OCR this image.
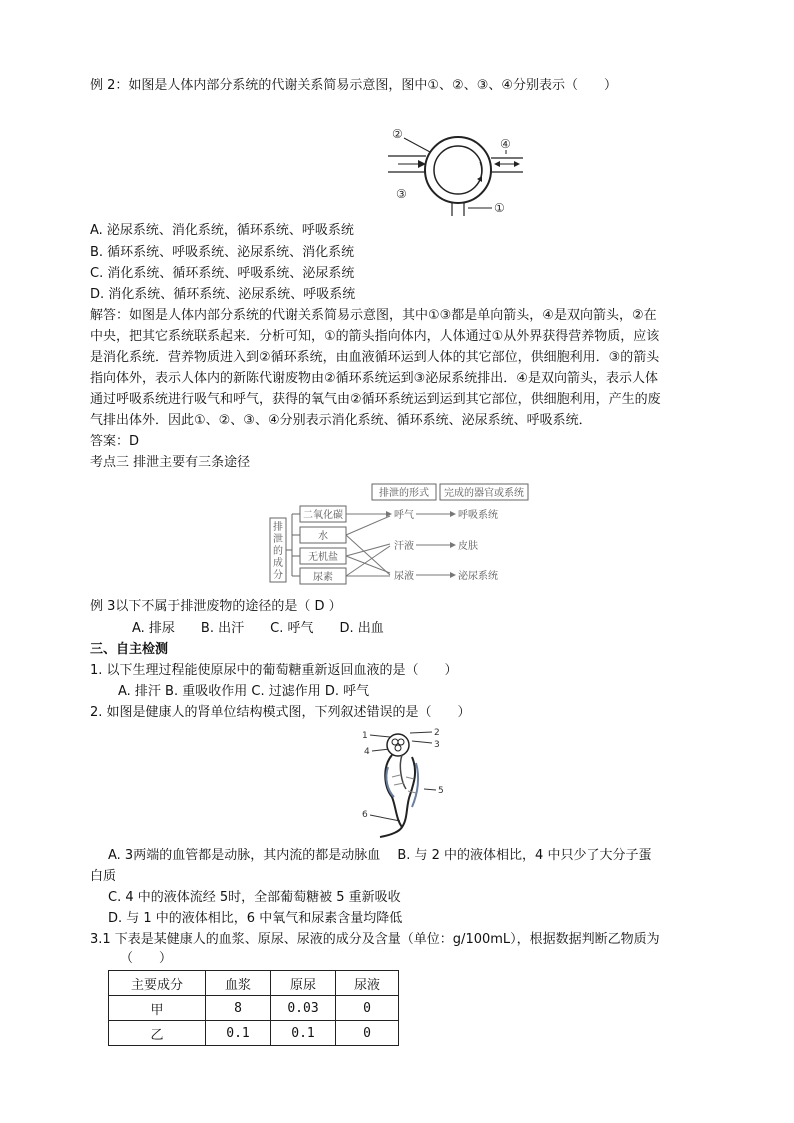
例 2：如图是人体内部分系统的代谢关系简易示意图，图中①、②、③、④分别表示（　　）
②
④
③
①
A. 泌尿系统、消化系统，循环系统、呼吸系统
B. 循环系统、呼吸系统、泌尿系统、消化系统
C. 消化系统、循环系统、呼吸系统、泌尿系统
D. 消化系统、循环系统、泌尿系统、呼吸系统
解答：如图是人体内部分系统的代谢关系简易示意图，其中①③都是单向箭头，④是双向箭头，②在
中央，把其它系统联系起来．分析可知，①的箭头指向体内，人体通过①从外界获得营养物质，应该
是消化系统．营养物质进入到②循环系统，由血液循环运到人体的其它部位，供细胞利用．③的箭头
指向体外，表示人体内的新陈代谢废物由②循环系统运到③泌尿系统排出．④是双向箭头，表示人体
通过呼吸系统进行吸气和呼气，获得的氧气由②循环系统运到运到其它部位，供细胞利用，产生的废
气排出体外．因此①、②、③、④分别表示消化系统、循环系统、泌尿系统、呼吸系统．
答案：D
考点三 排泄主要有三条途径
排泄的形式 完成的器官或系统
排
泄
的
成
分
二氧化碳
水
无机盐
尿素
呼气
汗液
尿液
呼吸系统
皮肤
泌尿系统
例 3以下不属于排泄废物的途径的是（ D ）
A. 排尿　　B. 出汗　　C. 呼气　　D. 出血
三、自主检测
1. 以下生理过程能使原尿中的葡萄糖重新返回血液的是（　　）
A. 排汗 B. 重吸收作用 C. 过滤作用 D. 呼气
2. 如图是健康人的肾单位结构模式图，下列叙述错误的是（　　）
1	2
3
4
5
6
A. 3两端的血管都是动脉，其内流的都是动脉血　 B. 与 2 中的液体相比，4 中只少了大分子蛋
白质
C. 4 中的液体流经 5时，全部葡萄糖被 5 重新吸收
D. 与 1 中的液体相比，6 中氧气和尿素含量均降低
3.1 下表是某健康人的血浆、原尿、尿液的成分及含量（单位：g/100mL），根据数据判断乙物质为
（　　）
主要成分	血浆	原尿	尿液
甲	8	0.03	0
乙	0.1	0.1	0
